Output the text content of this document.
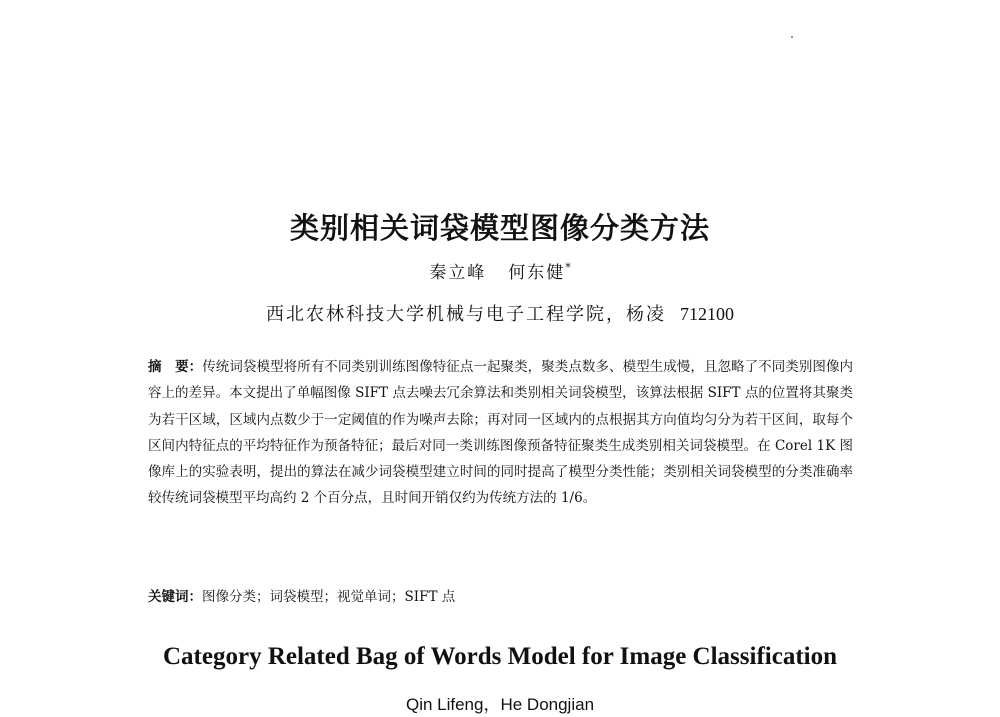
类别相关词袋模型图像分类方法
秦立峰 何东健*
西北农林科技大学机械与电子工程学院，杨凌 712100
摘　要：传统词袋模型将所有不同类别训练图像特征点一起聚类，聚类点数多、模型生成慢，且忽略了不同类别图像内容上的差异。本文提出了单幅图像 SIFT 点去噪去冗余算法和类别相关词袋模型，该算法根据 SIFT 点的位置将其聚类为若干区域，区域内点数少于一定阈值的作为噪声去除；再对同一区域内的点根据其方向值均匀分为若干区间，取每个区间内特征点的平均特征作为预备特征；最后对同一类训练图像预备特征聚类生成类别相关词袋模型。在 Corel 1K 图像库上的实验表明，提出的算法在减少词袋模型建立时间的同时提高了模型分类性能；类别相关词袋模型的分类准确率较传统词袋模型平均高约 2 个百分点，且时间开销仅约为传统方法的 1/6。
关键词：图像分类；词袋模型；视觉单词；SIFT 点
Category Related Bag of Words Model for Image Classification
Qin Lifeng，He Dongjian
